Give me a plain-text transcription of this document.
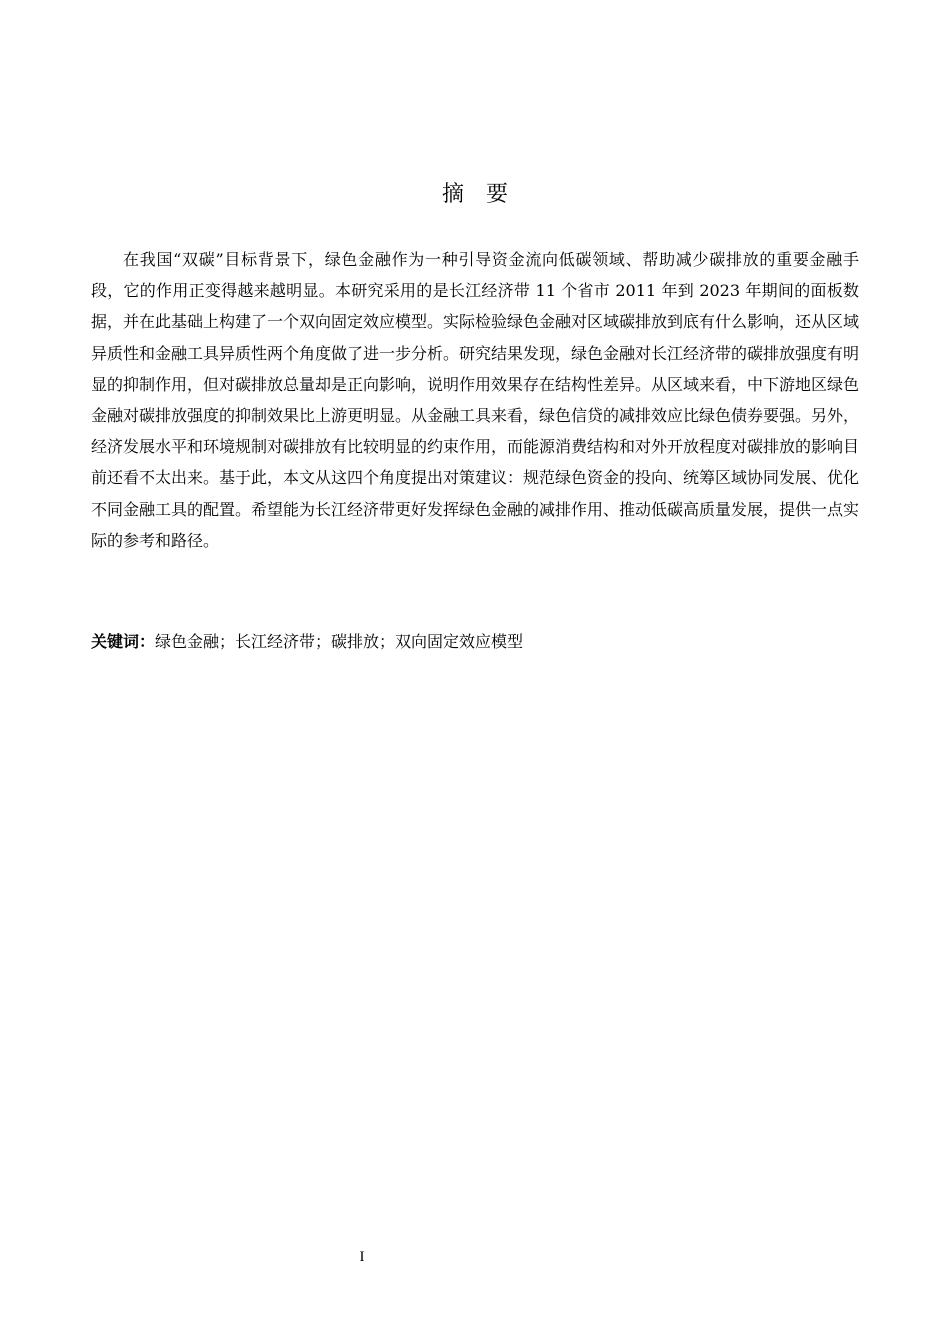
摘要

在我国“双碳”目标背景下，绿色金融作为一种引导资金流向低碳领域、帮助减少碳排放的重要金融手段，它的作用正变得越来越明显。本研究采用的是长江经济带 11 个省市 2011 年到 2023 年期间的面板数据，并在此基础上构建了一个双向固定效应模型。实际检验绿色金融对区域碳排放到底有什么影响，还从区域异质性和金融工具异质性两个角度做了进一步分析。研究结果发现，绿色金融对长江经济带的碳排放强度有明显的抑制作用，但对碳排放总量却是正向影响，说明作用效果存在结构性差异。从区域来看，中下游地区绿色金融对碳排放强度的抑制效果比上游更明显。从金融工具来看，绿色信贷的减排效应比绿色债券要强。另外，经济发展水平和环境规制对碳排放有比较明显的约束作用，而能源消费结构和对外开放程度对碳排放的影响目前还看不太出来。基于此，本文从这四个角度提出对策建议：规范绿色资金的投向、统筹区域协同发展、优化不同金融工具的配置。希望能为长江经济带更好发挥绿色金融的减排作用、推动低碳高质量发展，提供一点实际的参考和路径。

关键词：绿色金融；长江经济带；碳排放；双向固定效应模型

I
